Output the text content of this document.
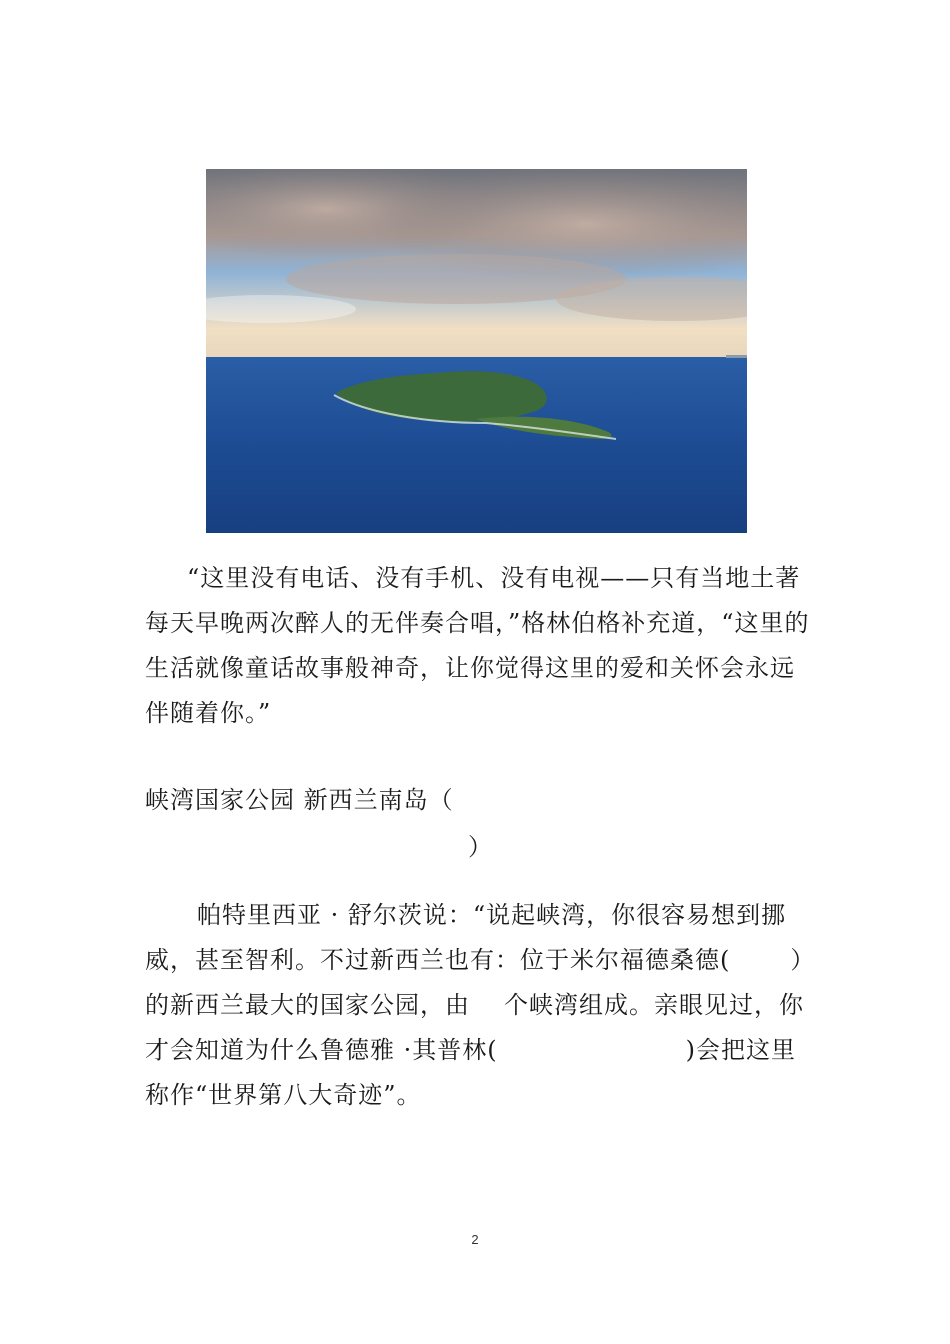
“这里没有电话、没有手机、没有电视——只有当地土著每天早晚两次醉人的无伴奏合唱，”格林伯格补充道，“这里的生活就像童话故事般神奇，让你觉得这里的爱和关怀会永远伴随着你。”

峡湾国家公园 新西兰南岛（

）

帕特里西亚 · 舒尔茨说：“说起峡湾，你很容易想到挪威，甚至智利。不过新西兰也有：位于米尔福德桑德(	）的新西兰最大的国家公园，由 个峡湾组成。亲眼见过，你才会知道为什么鲁德雅 ·其普林(	)会把这里称作“世界第八大奇迹”。

2
